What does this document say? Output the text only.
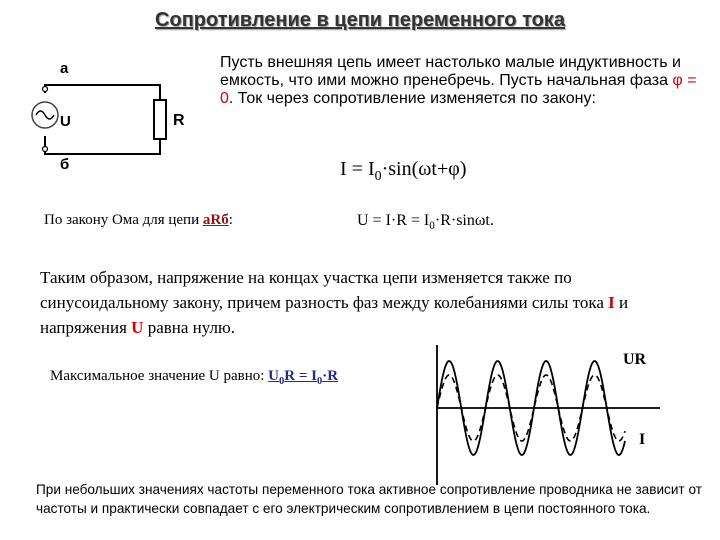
Сопротивление в цепи переменного тока
а
U
б
R
Пусть внешняя цепь имеет настолько малые индуктивность и емкость, что ими можно пренебречь. Пусть начальная фаза φ = 0. Ток через сопротивление изменяется по закону:
$I = I_0\cdot\sin(\omega t+\varphi)$
По закону Ома для цепи aRб:	$U = I\cdot R = I_0\cdot R\cdot\sin\omega t$.
Таким образом, напряжение на концах участка цепи изменяется также по синусоидальному закону, причем разность фаз между колебаниями силы тока I и напряжения U равна нулю.
Максимальное значение U равно: $U_0R = I_0\cdot R$
UR
I
При небольших значениях частоты переменного тока активное сопротивление проводника не зависит от частоты и практически совпадает с его электрическим сопротивлением в цепи постоянного тока.
